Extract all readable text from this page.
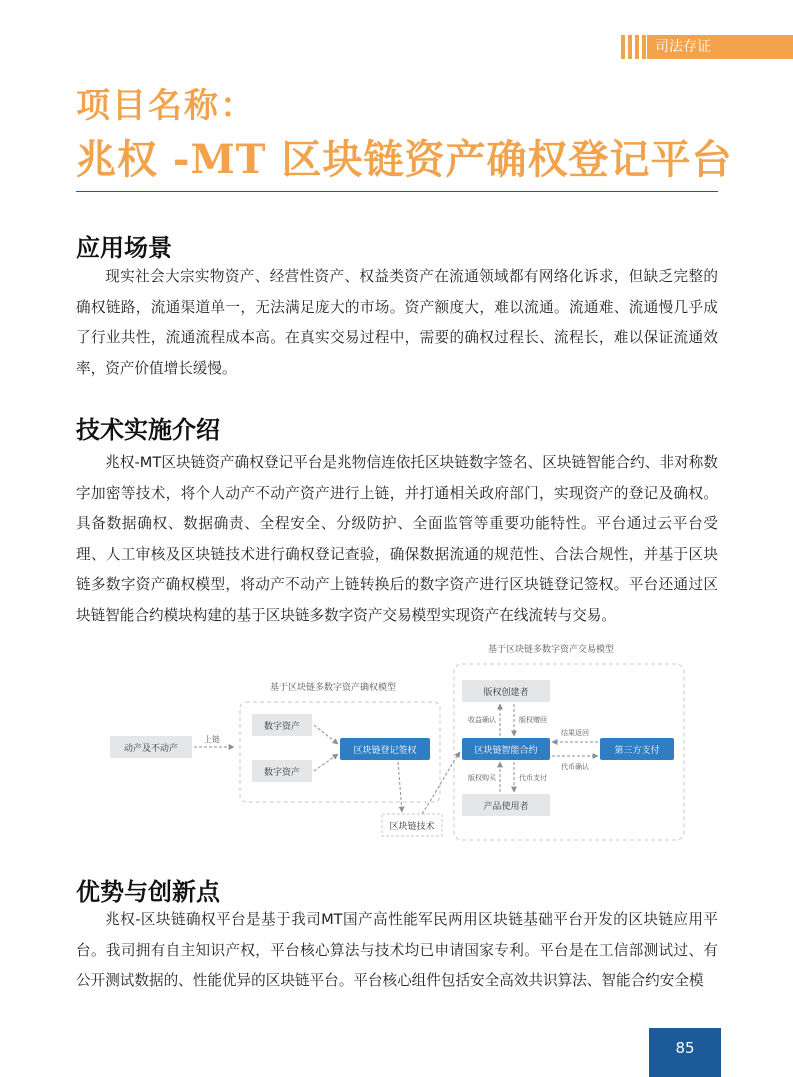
司法存证
项目名称：
兆权 -MT 区块链资产确权登记平台
应用场景
现实社会大宗实物资产、经营性资产、权益类资产在流通领域都有网络化诉求，但缺乏完整的确权链路，流通渠道单一，无法满足庞大的市场。资产额度大，难以流通。流通难、流通慢几乎成了行业共性，流通流程成本高。在真实交易过程中，需要的确权过程长、流程长，难以保证流通效率，资产价值增长缓慢。
技术实施介绍
兆权-MT区块链资产确权登记平台是兆物信连依托区块链数字签名、区块链智能合约、非对称数字加密等技术，将个人动产不动产资产进行上链，并打通相关政府部门，实现资产的登记及确权。具备数据确权、数据确责、全程安全、分级防护、全面监管等重要功能特性。平台通过云平台受理、人工审核及区块链技术进行确权登记查验，确保数据流通的规范性、合法合规性，并基于区块链多数字资产确权模型，将动产不动产上链转换后的数字资产进行区块链登记签权。平台还通过区块链智能合约模块构建的基于区块链多数字资产交易模型实现资产在线流转与交易。
基于区块链多数字资产确权模型
基于区块链多数字资产交易模型
动产及不动产
数字资产
数字资产
区块链登记签权
区块链技术
版权创建者
区块链智能合约
产品使用者
第三方支付
上链
收益确认	版权赠回
版权购买	代币支付
结果返回
代币确认
优势与创新点
兆权-区块链确权平台是基于我司MT国产高性能军民两用区块链基础平台开发的区块链应用平台。我司拥有自主知识产权，平台核心算法与技术均已申请国家专利。平台是在工信部测试过、有公开测试数据的、性能优异的区块链平台。平台核心组件包括安全高效共识算法、智能合约安全模
85
